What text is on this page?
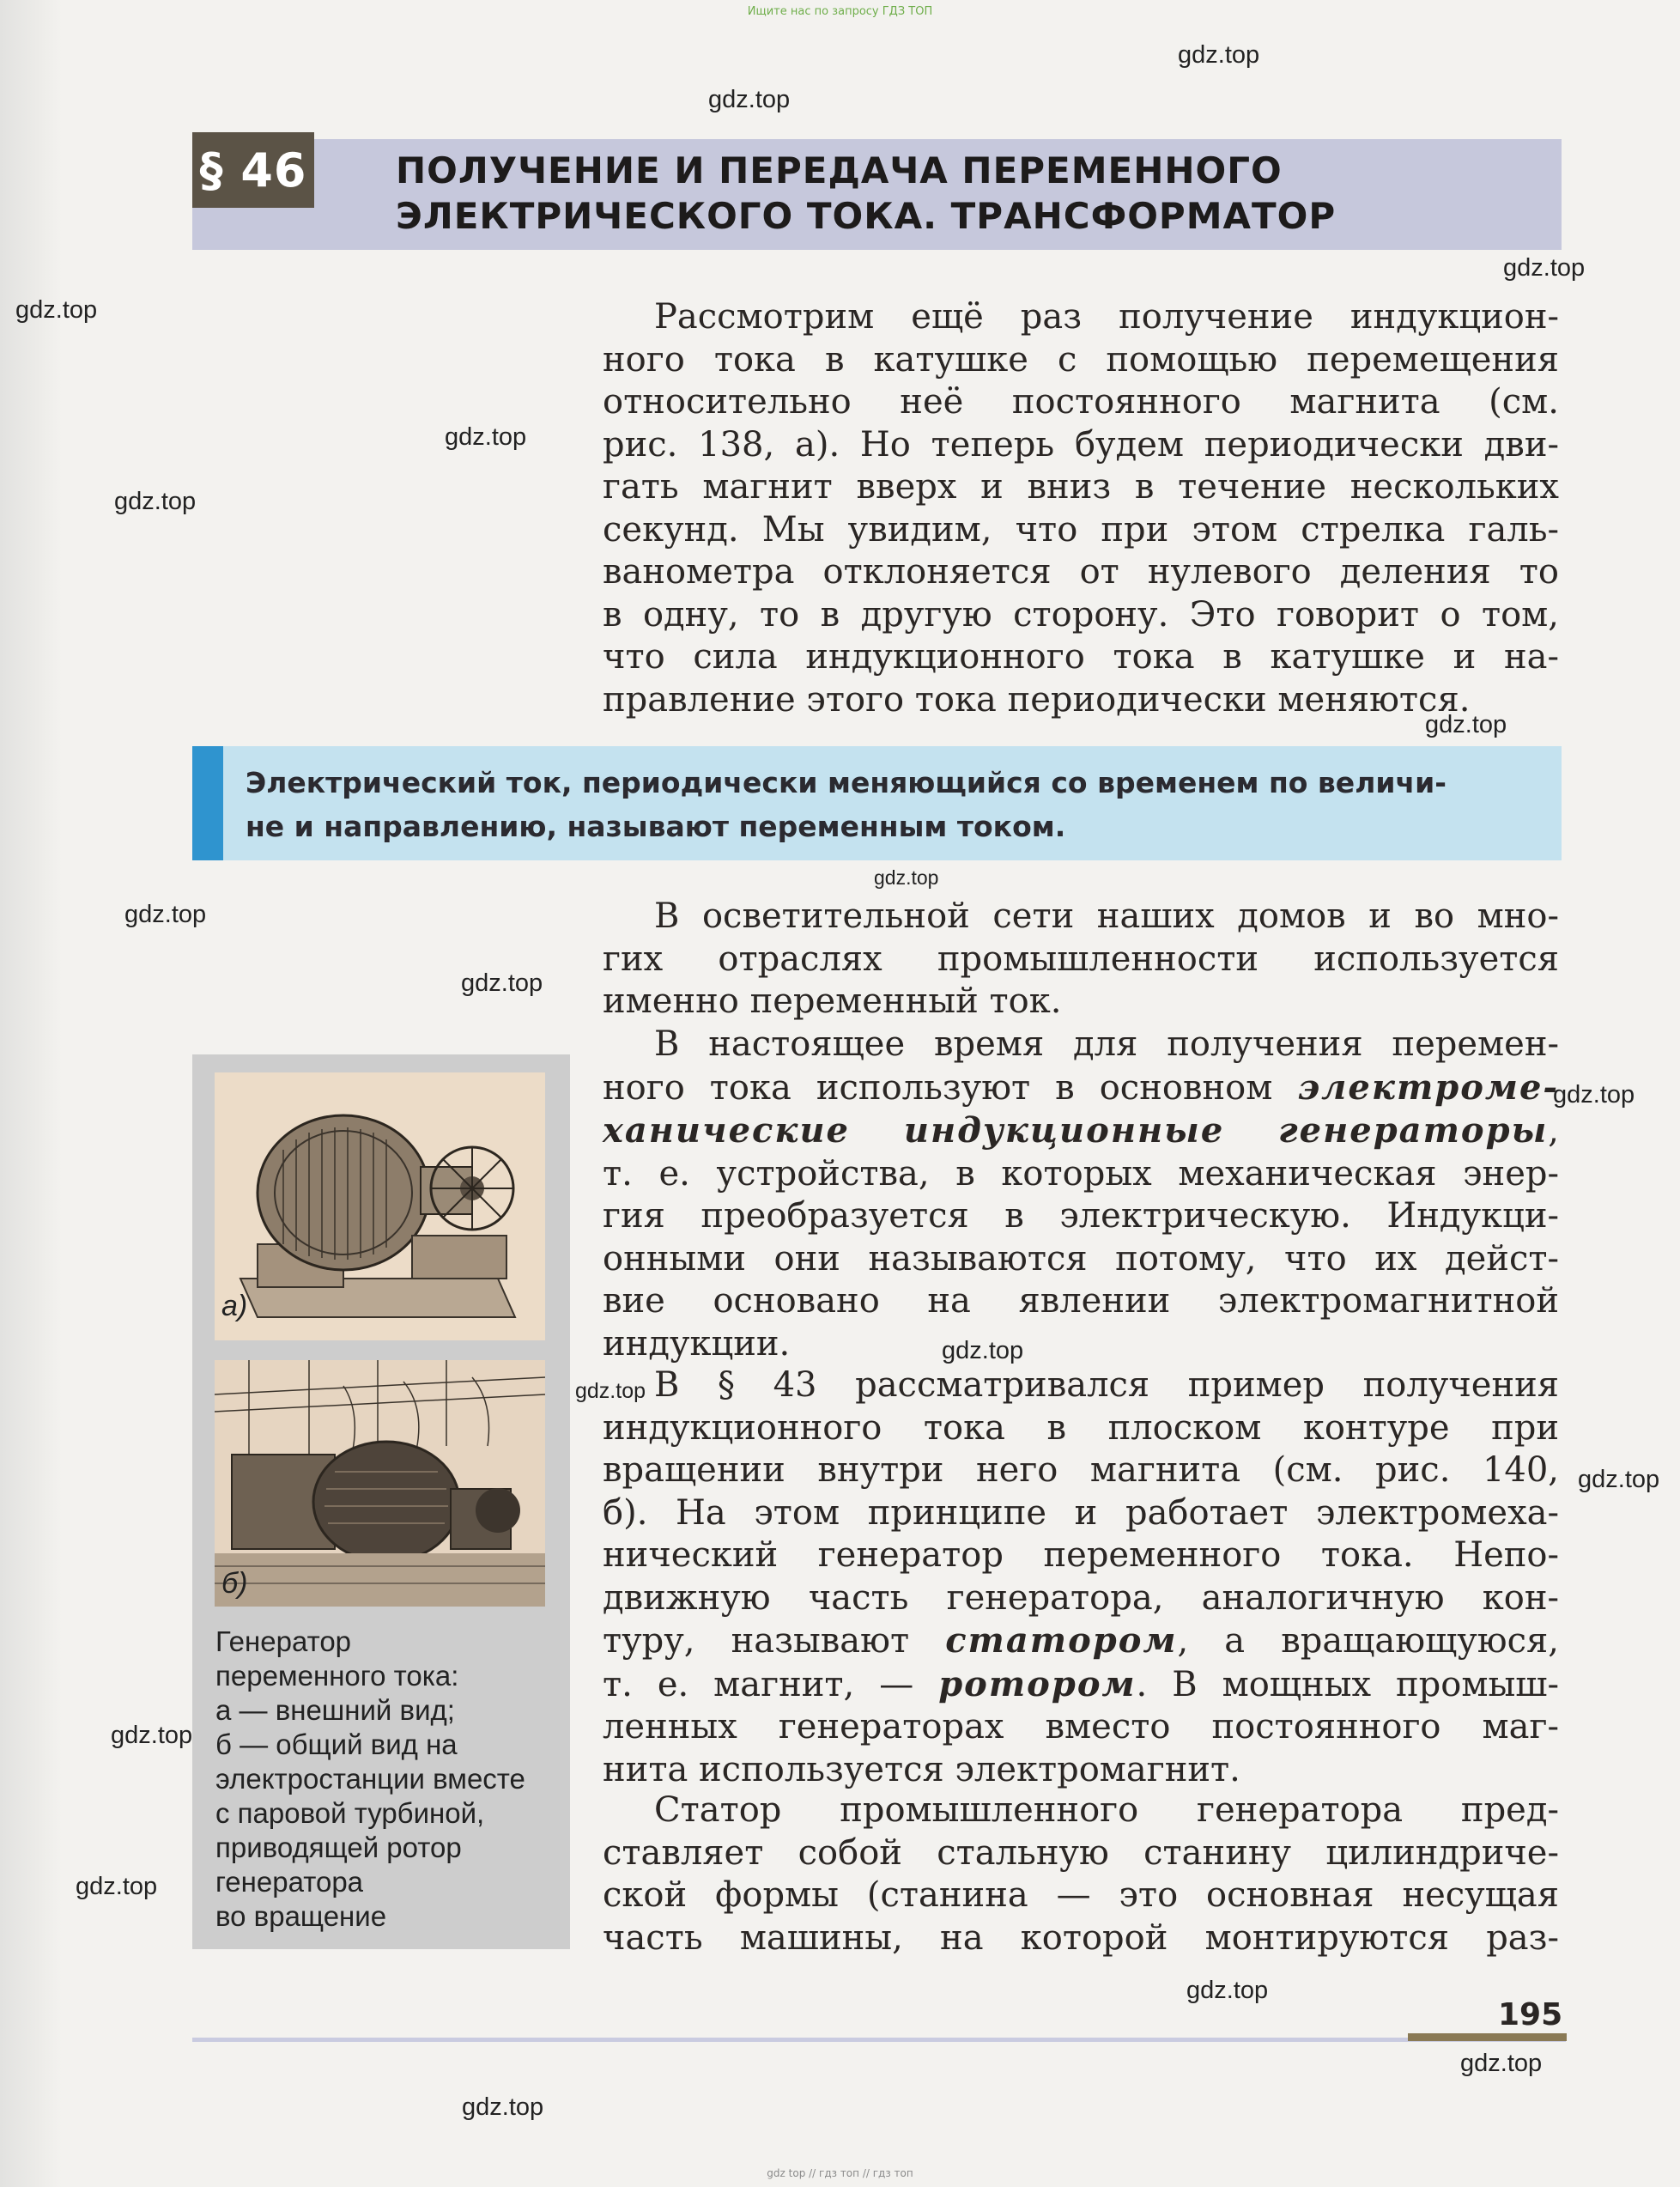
Ищите нас по запросу ГДЗ ТОП
gdz.top
gdz.top
gdz.top
gdz.top
gdz.top
gdz.top
gdz.top
gdz.top
gdz.top
gdz.top
gdz.top
gdz.top
gdz.top
gdz.top
gdz.top
gdz.top
gdz.top
gdz.top
gdz.top
§ 46 ПОЛУЧЕНИЕ И ПЕРЕДАЧА ПЕРЕМЕННОГО
ЭЛЕКТРИЧЕСКОГО ТОКА. ТРАНСФОРМАТОР
Рассмотрим ещё раз получение индукцион-
ного тока в катушке с помощью перемещения
относительно неё постоянного магнита (см.
рис. 138, а). Но теперь будем периодически дви-
гать магнит вверх и вниз в течение нескольких
секунд. Мы увидим, что при этом стрелка галь-
ванометра отклоняется от нулевого деления то
в одну, то в другую сторону. Это говорит о том,
что сила индукционного тока в катушке и на-
правление этого тока периодически меняются.
Электрический ток, периодически меняющийся со временем по величи-
не и направлению, называют переменным током.
В осветительной сети наших домов и во мно-
гих отраслях промышленности используется
именно переменный ток.
В настоящее время для получения перемен-
ного тока используют в основном электроме-
ханические индукционные генераторы,
т. е. устройства, в которых механическая энер-
гия преобразуется в электрическую. Индукци-
онными они называются потому, что их дейст-
вие основано на явлении электромагнитной
индукции.
В § 43 рассматривался пример получения
индукционного тока в плоском контуре при
вращении внутри него магнита (см. рис. 140,
б). На этом принципе и работает электромеха-
нический генератор переменного тока. Непо-
движную часть генератора, аналогичную кон-
туру, называют статором, а вращающуюся,
т. е. магнит, — ротором. В мощных промыш-
ленных генераторах вместо постоянного маг-
нита используется электромагнит.
Статор промышленного генератора пред-
ставляет собой стальную станину цилиндриче-
ской формы (станина — это основная несущая
часть машины, на которой монтируются раз-
а)
б)
Генератор
переменного тока:
а — внешний вид;
б — общий вид на
электростанции вместе
с паровой турбиной,
приводящей ротор
генератора
во вращение
195
gdz top // гдз топ // гдз топ
